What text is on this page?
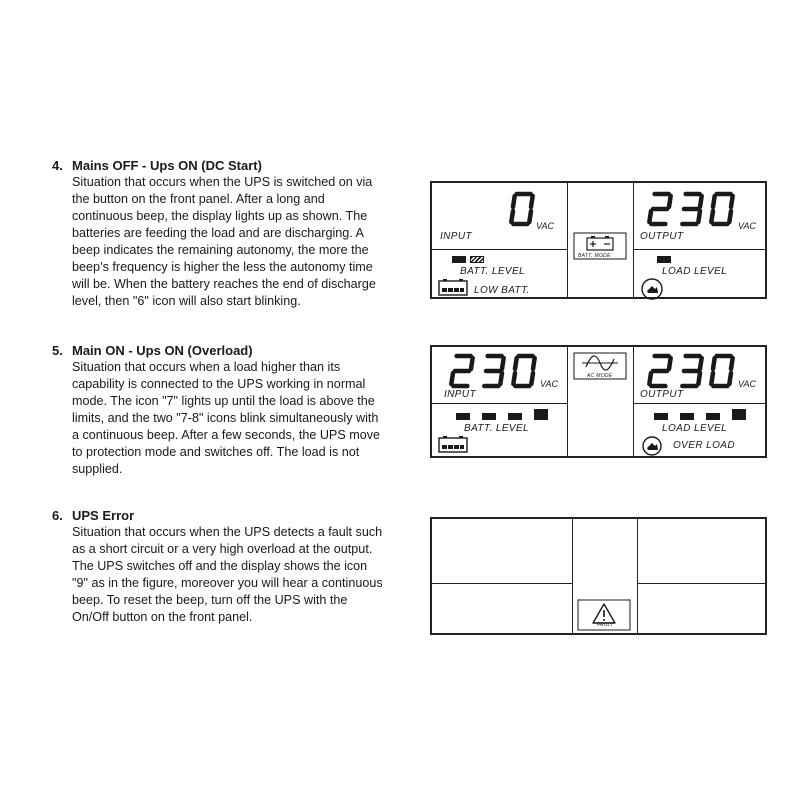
4. Mains OFF - Ups ON (DC Start)
Situation that occurs when the UPS is switched on via
the button on the front panel. After a long and
continuous beep, the display lights up as shown. The
batteries are feeding the load and are discharging. A
beep indicates the remaining autonomy, the more the
beep’s frequency is higher the less the autonomy time
will be. When the battery reaches the end of discharge
level, then "6" icon will also start blinking.
5. Main ON - Ups ON (Overload)
Situation that occurs when a load higher than its
capability is connected to the UPS working in normal
mode. The icon "7" lights up until the load is above the
limits, and the two "7-8" icons blink simultaneously with
a continuous beep. After a few seconds, the UPS move
to protection mode and switches off. The load is not
supplied.
6. UPS Error
Situation that occurs when the UPS detects a fault such
as a short circuit or a very high overload at the output.
The UPS switches off and the display shows the icon
"9" as in the figure, moreover you will hear a continuous
beep. To reset the beep, turn off the UPS with the
On/Off button on the front panel.
VAC
INPUT
VAC
OUTPUT
BATT. MODE
BATT. LEVEL
LOW BATT.
LOAD LEVEL
VAC
INPUT
VAC
OUTPUT
AC MODE
BATT. LEVEL	LOAD LEVEL
OVER LOAD
FAULT
